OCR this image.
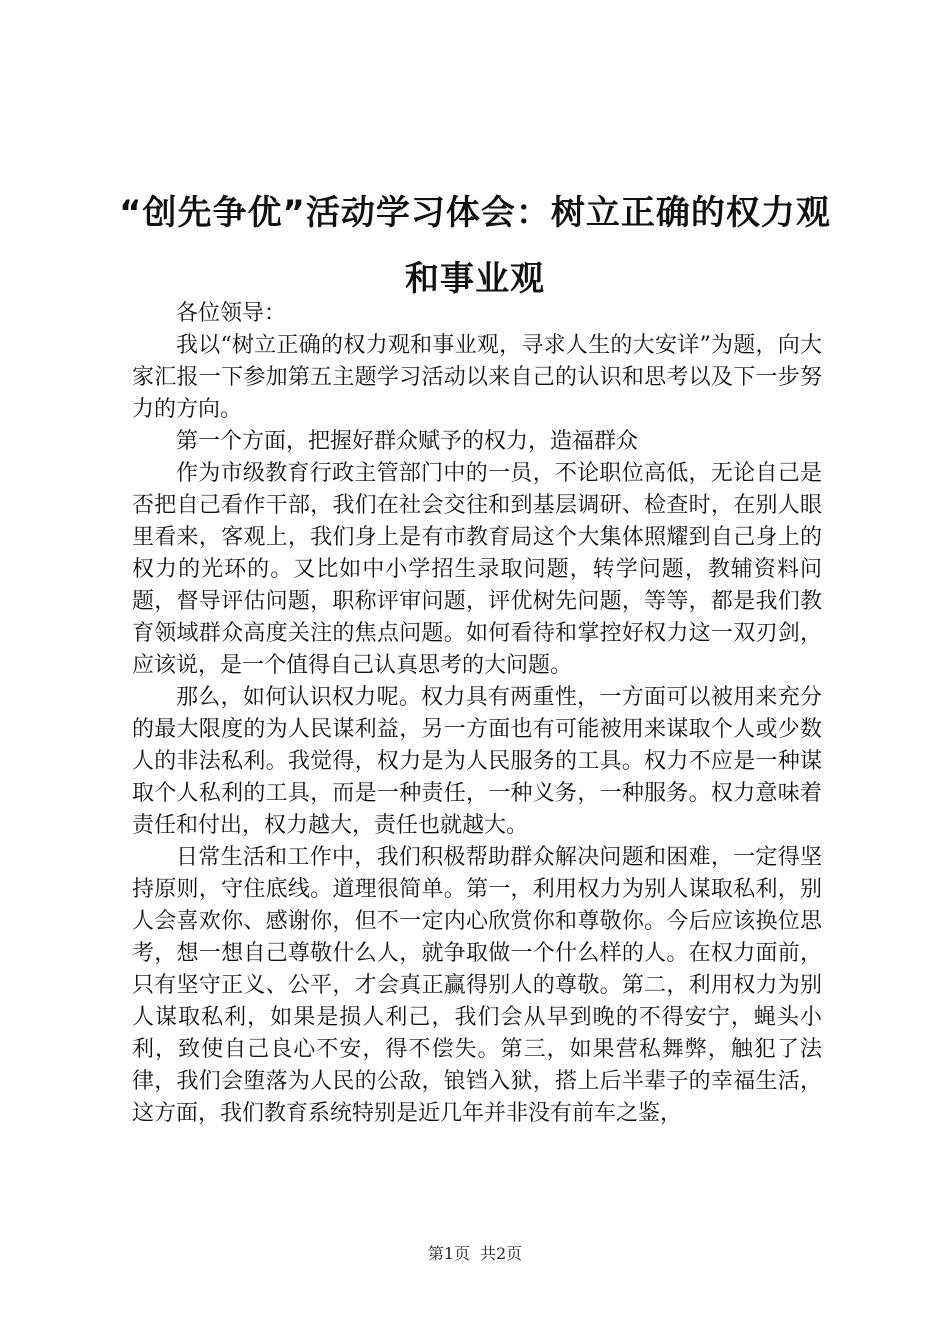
“创先争优”活动学习体会：树立正确的权力观和事业观

各位领导：

我以“树立正确的权力观和事业观，寻求人生的大安详”为题，向大家汇报一下参加第五主题学习活动以来自己的认识和思考以及下一步努力的方向。

第一个方面，把握好群众赋予的权力，造福群众

作为市级教育行政主管部门中的一员，不论职位高低，无论自己是否把自己看作干部，我们在社会交往和到基层调研、检查时，在别人眼里看来，客观上，我们身上是有市教育局这个大集体照耀到自己身上的权力的光环的。又比如中小学招生录取问题，转学问题，教辅资料问题，督导评估问题，职称评审问题，评优树先问题，等等，都是我们教育领域群众高度关注的焦点问题。如何看待和掌控好权力这一双刃剑，应该说，是一个值得自己认真思考的大问题。

那么，如何认识权力呢。权力具有两重性，一方面可以被用来充分的最大限度的为人民谋利益，另一方面也有可能被用来谋取个人或少数人的非法私利。我觉得，权力是为人民服务的工具。权力不应是一种谋取个人私利的工具，而是一种责任，一种义务，一种服务。权力意味着责任和付出，权力越大，责任也就越大。

日常生活和工作中，我们积极帮助群众解决问题和困难，一定得坚持原则，守住底线。道理很简单。第一，利用权力为别人谋取私利，别人会喜欢你、感谢你，但不一定内心欣赏你和尊敬你。今后应该换位思考，想一想自己尊敬什么人，就争取做一个什么样的人。在权力面前，只有坚守正义、公平，才会真正赢得别人的尊敬。第二，利用权力为别人谋取私利，如果是损人利己，我们会从早到晚的不得安宁，蝇头小利，致使自己良心不安，得不偿失。第三，如果营私舞弊，触犯了法律，我们会堕落为人民的公敌，锒铛入狱，搭上后半辈子的幸福生活，这方面，我们教育系统特别是近几年并非没有前车之鉴，

第1页 共2页
